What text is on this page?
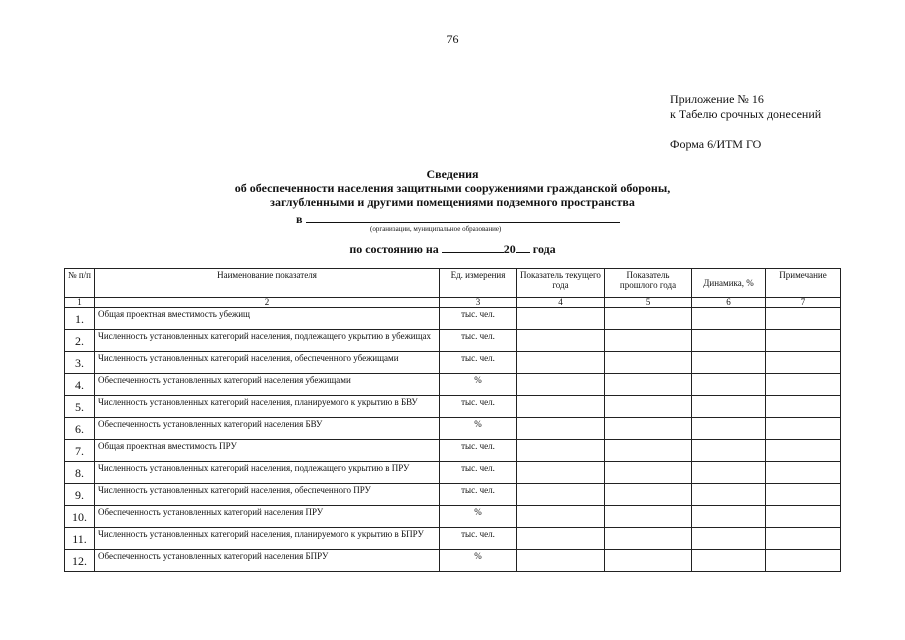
76
Приложение № 16
к Табелю срочных донесений
Форма 6/ИТМ ГО
Сведения
об обеспеченности населения защитными сооружениями гражданской обороны,
заглубленными и другими помещениями подземного пространства
в
(организации, муниципальное образование)
по состоянию на	20 года
№ п/п	Наименование показателя	Ед. измерения	Показатель текущего года	Показатель прошлого года	Динамика, %	Примечание
1	2	3	4	5	6	7
1.	Общая проектная вместимость убежищ	тыс. чел.				
2.	Численность установленных категорий населения, подлежащего укрытию в убежищах	тыс. чел.				
3.	Численность установленных категорий населения, обеспеченного убежищами	тыс. чел.				
4.	Обеспеченность установленных категорий населения убежищами	%				
5.	Численность установленных категорий населения, планируемого к укрытию в БВУ	тыс. чел.				
6.	Обеспеченность установленных категорий населения БВУ	%				
7.	Общая проектная вместимость ПРУ	тыс. чел.				
8.	Численность установленных категорий населения, подлежащего укрытию в ПРУ	тыс. чел.				
9.	Численность установленных категорий населения, обеспеченного ПРУ	тыс. чел.				
10.	Обеспеченность установленных категорий населения ПРУ	%				
11.	Численность установленных категорий населения, планируемого к укрытию в БПРУ	тыс. чел.				
12.	Обеспеченность установленных категорий населения БПРУ	%				
